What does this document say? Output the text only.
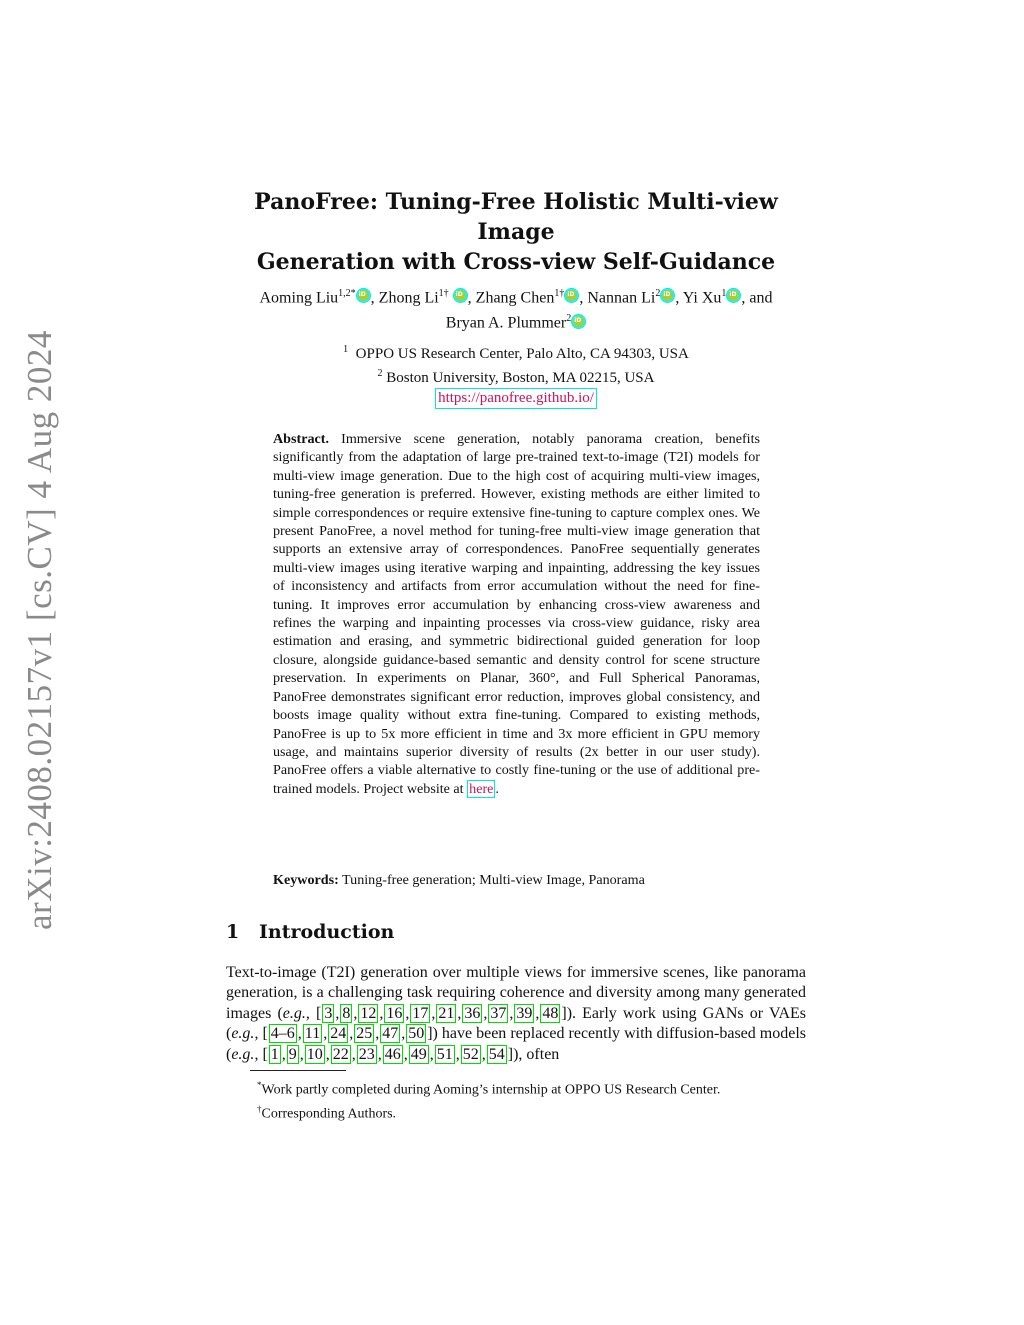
arXiv:2408.02157v1 [cs.CV] 4 Aug 2024
PanoFree: Tuning-Free Holistic Multi-view Image
Generation with Cross-view Self-Guidance
Aoming Liu$^{1,2*}$ iD , Zhong $Li^{1\dagger}$ iD , Zhang Chen$^{1\dagger}$ iD , Nannan Li$^2$ iD , Yi Xu$^1$ iD , and
Bryan A. Plummer$^2$iD
$^1$ OPPO US Research Center, Palo Alto, CA 94303, USA
$^2$ Boston University, Boston, MA 02215, USA
https://panofree.github.io/
Abstract. Immersive scene generation, notably panorama creation, benefits significantly from the adaptation of large pre-trained text-to-image (T2I) models for multi-view image generation. Due to the high cost of acquiring multi-view images, tuning-free generation is preferred. However, existing methods are either limited to simple correspondences or require extensive fine-tuning to capture complex ones. We present PanoFree, a novel method for tuning-free multi-view image generation that supports an extensive array of correspondences. PanoFree sequentially generates multi-view images using iterative warping and inpainting, addressing the key issues of inconsistency and artifacts from error accumulation without the need for fine-tuning. It improves error accumulation by enhancing cross-view awareness and refines the warping and inpainting processes via cross-view guidance, risky area estimation and erasing, and symmetric bidirectional guided generation for loop closure, alongside guidance-based semantic and density control for scene structure preservation. In experiments on Planar, 360°, and Full Spherical Panoramas, PanoFree demonstrates significant error reduction, improves global consistency, and boosts image quality without extra fine-tuning. Compared to existing methods, PanoFree is up to 5x more efficient in time and 3x more efficient in GPU memory usage, and maintains superior diversity of results (2x better in our user study). PanoFree offers a viable alternative to costly fine-tuning or the use of additional pre-trained models. Project website at here .
Keywords: Tuning-free generation; Multi-view Image, Panorama
1 Introduction
Text-to-image (T2I) generation over multiple views for immersive scenes, like panorama generation, is a challenging task requiring coherence and diversity among many generated images (e.g., [ 3 , 8 , 12 , 16 , 17 , 21 , 36 , 37 , 39 , 48 ]). Early work using GANs or VAEs (e.g., [ 4–6 , 11 , 24 , 25 , 47 , 50 ]) have been replaced recently with diffusion-based models (e.g., [ 1 , 9 , 10 , 22 , 23 , 46 , 49 , 51 , 52 , 54 ]), often
*Work partly completed during Aoming’s internship at OPPO US Research Center.
†Corresponding Authors.
